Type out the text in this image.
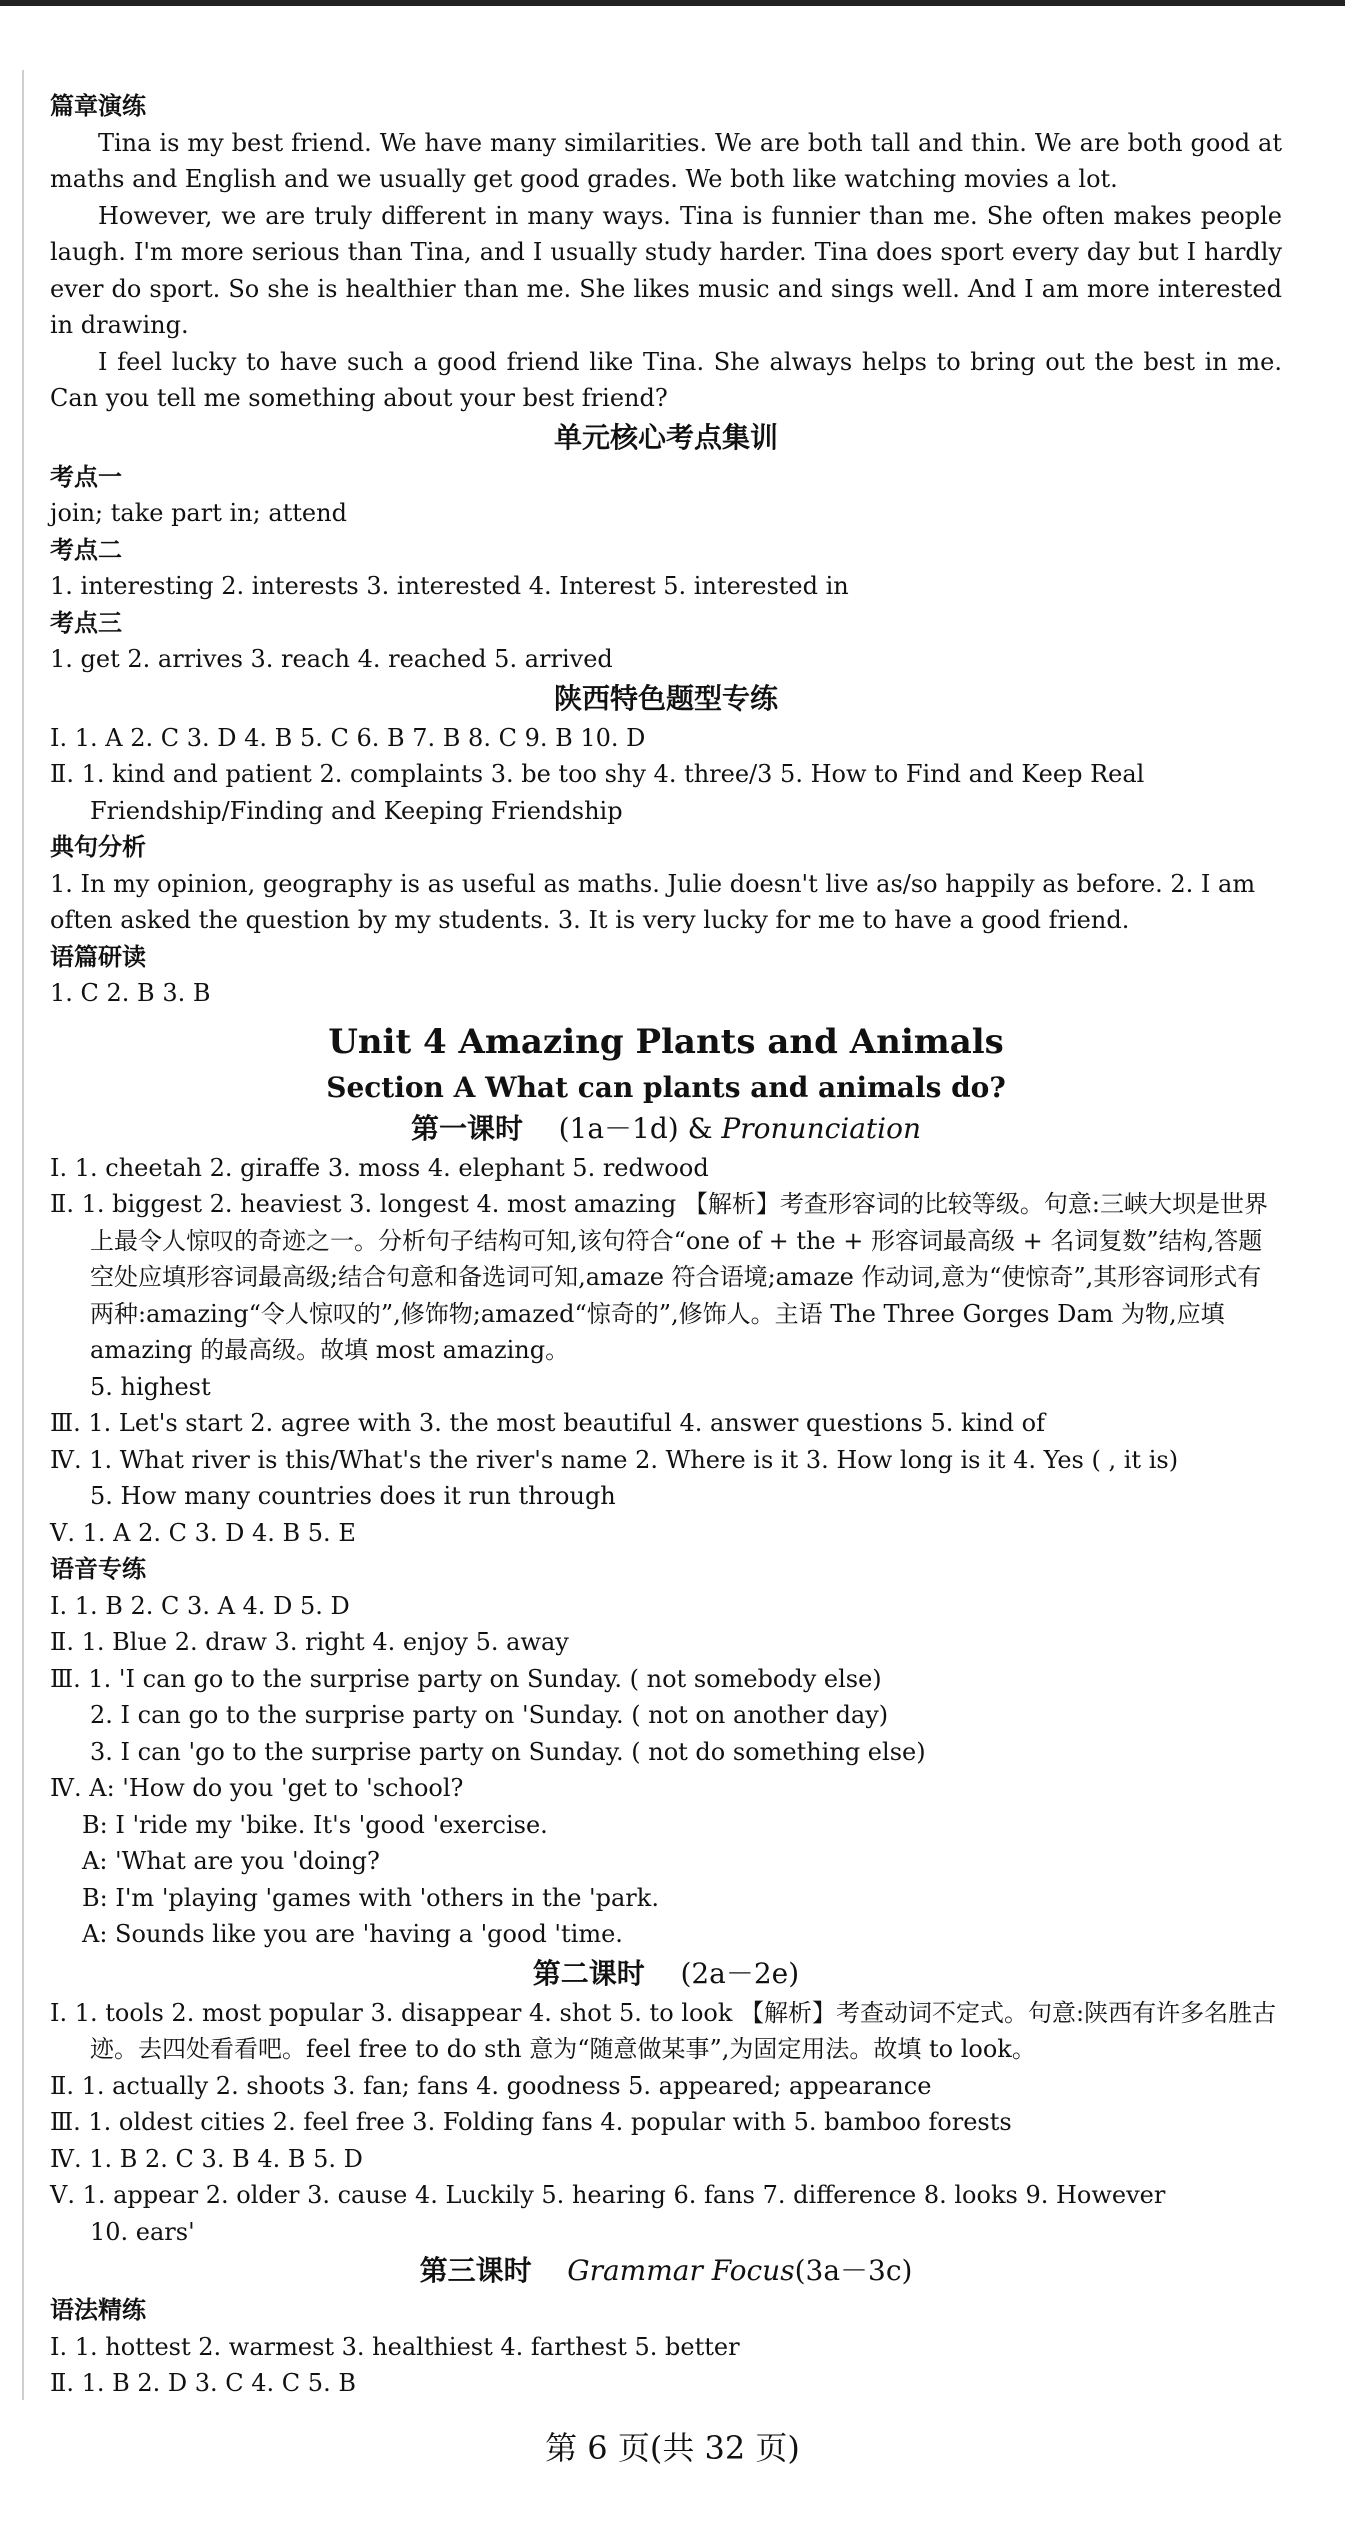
篇章演练
Tina is my best friend. We have many similarities. We are both tall and thin. We are both good at maths and English and we usually get good grades. We both like watching movies a lot.
However, we are truly different in many ways. Tina is funnier than me. She often makes people laugh. I'm more serious than Tina, and I usually study harder. Tina does sport every day but I hardly ever do sport. So she is healthier than me. She likes music and sings well. And I am more interested in drawing.
I feel lucky to have such a good friend like Tina. She always helps to bring out the best in me. Can you tell me something about your best friend?
单元核心考点集训
考点一
join; take part in; attend
考点二
1. interesting 2. interests 3. interested 4. Interest 5. interested in
考点三
1. get 2. arrives 3. reach 4. reached 5. arrived
陕西特色题型专练
Ⅰ. 1. A 2. C 3. D 4. B 5. C 6. B 7. B 8. C 9. B 10. D
Ⅱ. 1. kind and patient 2. complaints 3. be too shy 4. three/3 5. How to Find and Keep Real Friendship/Finding and Keeping Friendship
典句分析
1. In my opinion, geography is as useful as maths. Julie doesn't live as/so happily as before. 2. I am often asked the question by my students. 3. It is very lucky for me to have a good friend.
语篇研读
1. C 2. B 3. B
Unit 4 Amazing Plants and Animals
Section A What can plants and animals do?
第一课时 (1a－1d) & Pronunciation
Ⅰ. 1. cheetah 2. giraffe 3. moss 4. elephant 5. redwood
Ⅱ. 1. biggest 2. heaviest 3. longest 4. most amazing 【解析】考查形容词的比较等级。句意:三峡大坝是世界上最令人惊叹的奇迹之一。分析句子结构可知,该句符合“one of + the + 形容词最高级 + 名词复数”结构,答题空处应填形容词最高级;结合句意和备选词可知,amaze 符合语境;amaze 作动词,意为“使惊奇”,其形容词形式有两种:amazing“令人惊叹的”,修饰物;amazed“惊奇的”,修饰人。主语 The Three Gorges Dam 为物,应填 amazing 的最高级。故填 most amazing。
5. highest
Ⅲ. 1. Let's start 2. agree with 3. the most beautiful 4. answer questions 5. kind of
Ⅳ. 1. What river is this/What's the river's name 2. Where is it 3. How long is it 4. Yes ( , it is)
5. How many countries does it run through
Ⅴ. 1. A 2. C 3. D 4. B 5. E
语音专练
Ⅰ. 1. B 2. C 3. A 4. D 5. D
Ⅱ. 1. Blue 2. draw 3. right 4. enjoy 5. away
Ⅲ. 1. 'I can go to the surprise party on Sunday. ( not somebody else)
2. I can go to the surprise party on 'Sunday. ( not on another day)
3. I can 'go to the surprise party on Sunday. ( not do something else)
Ⅳ. A: 'How do you 'get to 'school?
B: I 'ride my 'bike. It's 'good 'exercise.
A: 'What are you 'doing?
B: I'm 'playing 'games with 'others in the 'park.
A: Sounds like you are 'having a 'good 'time.
第二课时 (2a－2e)
Ⅰ. 1. tools 2. most popular 3. disappear 4. shot 5. to look 【解析】考查动词不定式。句意:陕西有许多名胜古迹。去四处看看吧。feel free to do sth 意为“随意做某事”,为固定用法。故填 to look。
Ⅱ. 1. actually 2. shoots 3. fan; fans 4. goodness 5. appeared; appearance
Ⅲ. 1. oldest cities 2. feel free 3. Folding fans 4. popular with 5. bamboo forests
Ⅳ. 1. B 2. C 3. B 4. B 5. D
Ⅴ. 1. appear 2. older 3. cause 4. Luckily 5. hearing 6. fans 7. difference 8. looks 9. However
10. ears'
第三课时 Grammar Focus(3a－3c)
语法精练
Ⅰ. 1. hottest 2. warmest 3. healthiest 4. farthest 5. better
Ⅱ. 1. B 2. D 3. C 4. C 5. B
第 6 页(共 32 页)
